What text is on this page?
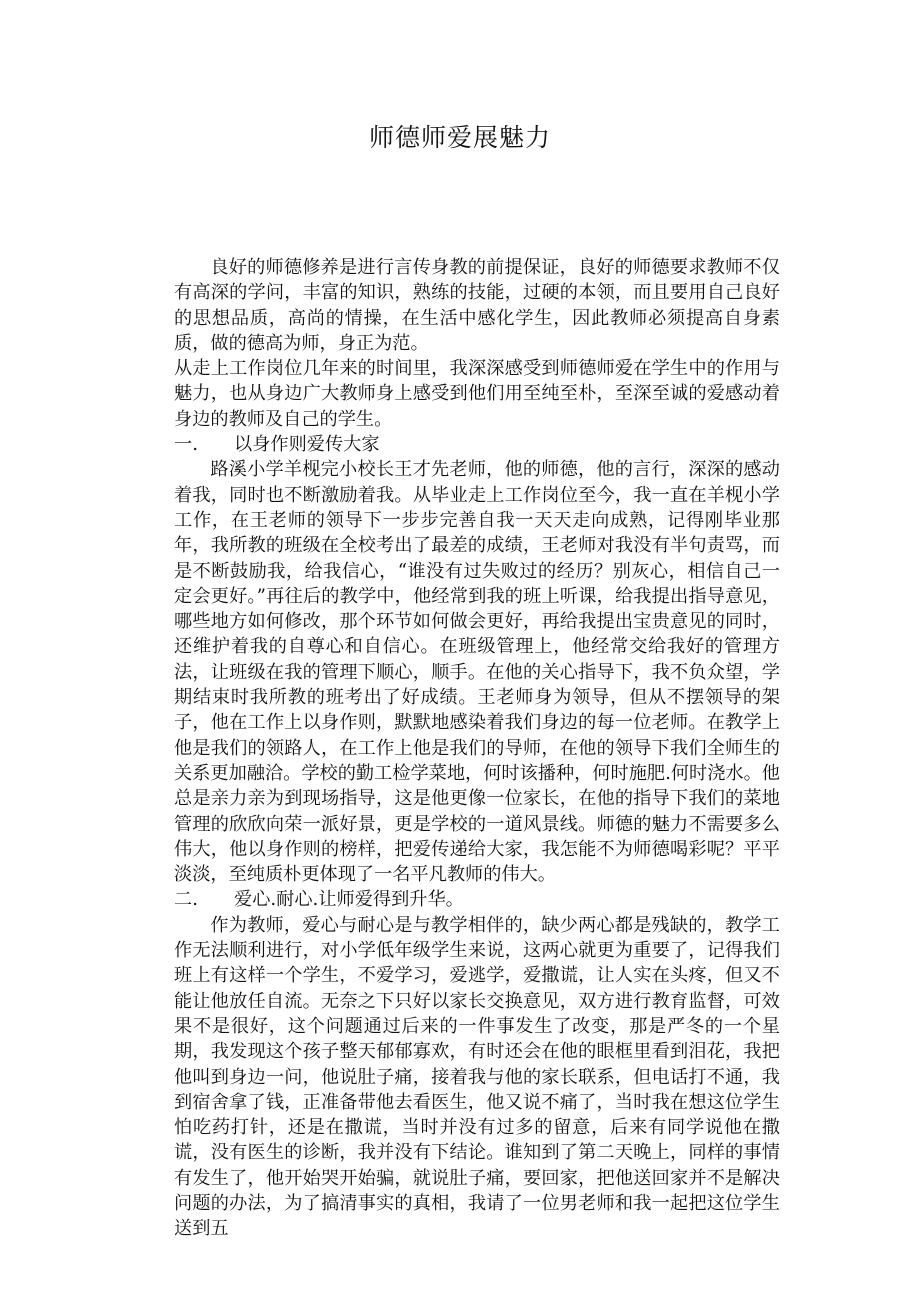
师德师爱展魅力

良好的师德修养是进行言传身教的前提保证，良好的师德要求教师不仅有高深的学问，丰富的知识，熟练的技能，过硬的本领，而且要用自己良好的思想品质，高尚的情操，在生活中感化学生，因此教师必须提高自身素质，做的德高为师，身正为范。

从走上工作岗位几年来的时间里，我深深感受到师德师爱在学生中的作用与魅力，也从身边广大教师身上感受到他们用至纯至朴，至深至诚的爱感动着身边的教师及自己的学生。

一.	以身作则爱传大家

路溪小学羊枧完小校长王才先老师，他的师德，他的言行，深深的感动着我，同时也不断激励着我。从毕业走上工作岗位至今，我一直在羊枧小学工作，在王老师的领导下一步步完善自我一天天走向成熟，记得刚毕业那年，我所教的班级在全校考出了最差的成绩，王老师对我没有半句责骂，而是不断鼓励我，给我信心，“谁没有过失败过的经历？别灰心，相信自己一定会更好。”再往后的教学中，他经常到我的班上听课，给我提出指导意见，哪些地方如何修改，那个环节如何做会更好，再给我提出宝贵意见的同时，还维护着我的自尊心和自信心。在班级管理上，他经常交给我好的管理方法，让班级在我的管理下顺心，顺手。在他的关心指导下，我不负众望，学期结束时我所教的班考出了好成绩。王老师身为领导，但从不摆领导的架子，他在工作上以身作则，默默地感染着我们身边的每一位老师。在教学上他是我们的领路人，在工作上他是我们的导师，在他的领导下我们全师生的关系更加融洽。学校的勤工检学菜地，何时该播种，何时施肥.何时浇水。他总是亲力亲为到现场指导，这是他更像一位家长，在他的指导下我们的菜地管理的欣欣向荣一派好景，更是学校的一道风景线。师德的魅力不需要多么伟大，他以身作则的榜样，把爱传递给大家，我怎能不为师德喝彩呢？平平淡淡，至纯质朴更体现了一名平凡教师的伟大。

二.	爱心.耐心.让师爱得到升华。

作为教师，爱心与耐心是与教学相伴的，缺少两心都是残缺的，教学工作无法顺利进行，对小学低年级学生来说，这两心就更为重要了，记得我们班上有这样一个学生，不爱学习，爱逃学，爱撒谎，让人实在头疼，但又不能让他放任自流。无奈之下只好以家长交换意见，双方进行教育监督，可效果不是很好，这个问题通过后来的一件事发生了改变，那是严冬的一个星期，我发现这个孩子整天郁郁寡欢，有时还会在他的眼框里看到泪花，我把他叫到身边一问，他说肚子痛，接着我与他的家长联系，但电话打不通，我到宿舍拿了钱，正准备带他去看医生，他又说不痛了，当时我在想这位学生怕吃药打针，还是在撒谎，当时并没有过多的留意，后来有同学说他在撒谎，没有医生的诊断，我并没有下结论。谁知到了第二天晚上，同样的事情有发生了，他开始哭开始骗，就说肚子痛，要回家，把他送回家并不是解决问题的办法，为了搞清事实的真相，我请了一位男老师和我一起把这位学生送到五
